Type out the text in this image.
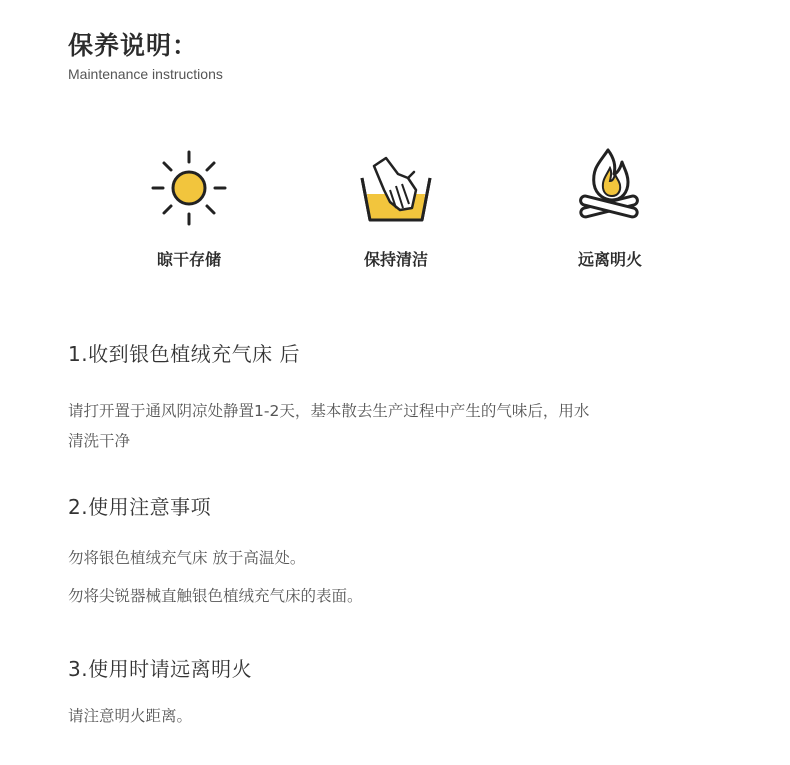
保养说明：
Maintenance instructions
晾干存储	保持清洁	远离明火
1.收到银色植绒充气床 后

请打开置于通风阴凉处静置1-2天，基本散去生产过程中产生的气味后，用水

清洗干净

2.使用注意事项

勿将银色植绒充气床 放于高温处。

勿将尖锐器械直触银色植绒充气床的表面。

3.使用时请远离明火

请注意明火距离。
